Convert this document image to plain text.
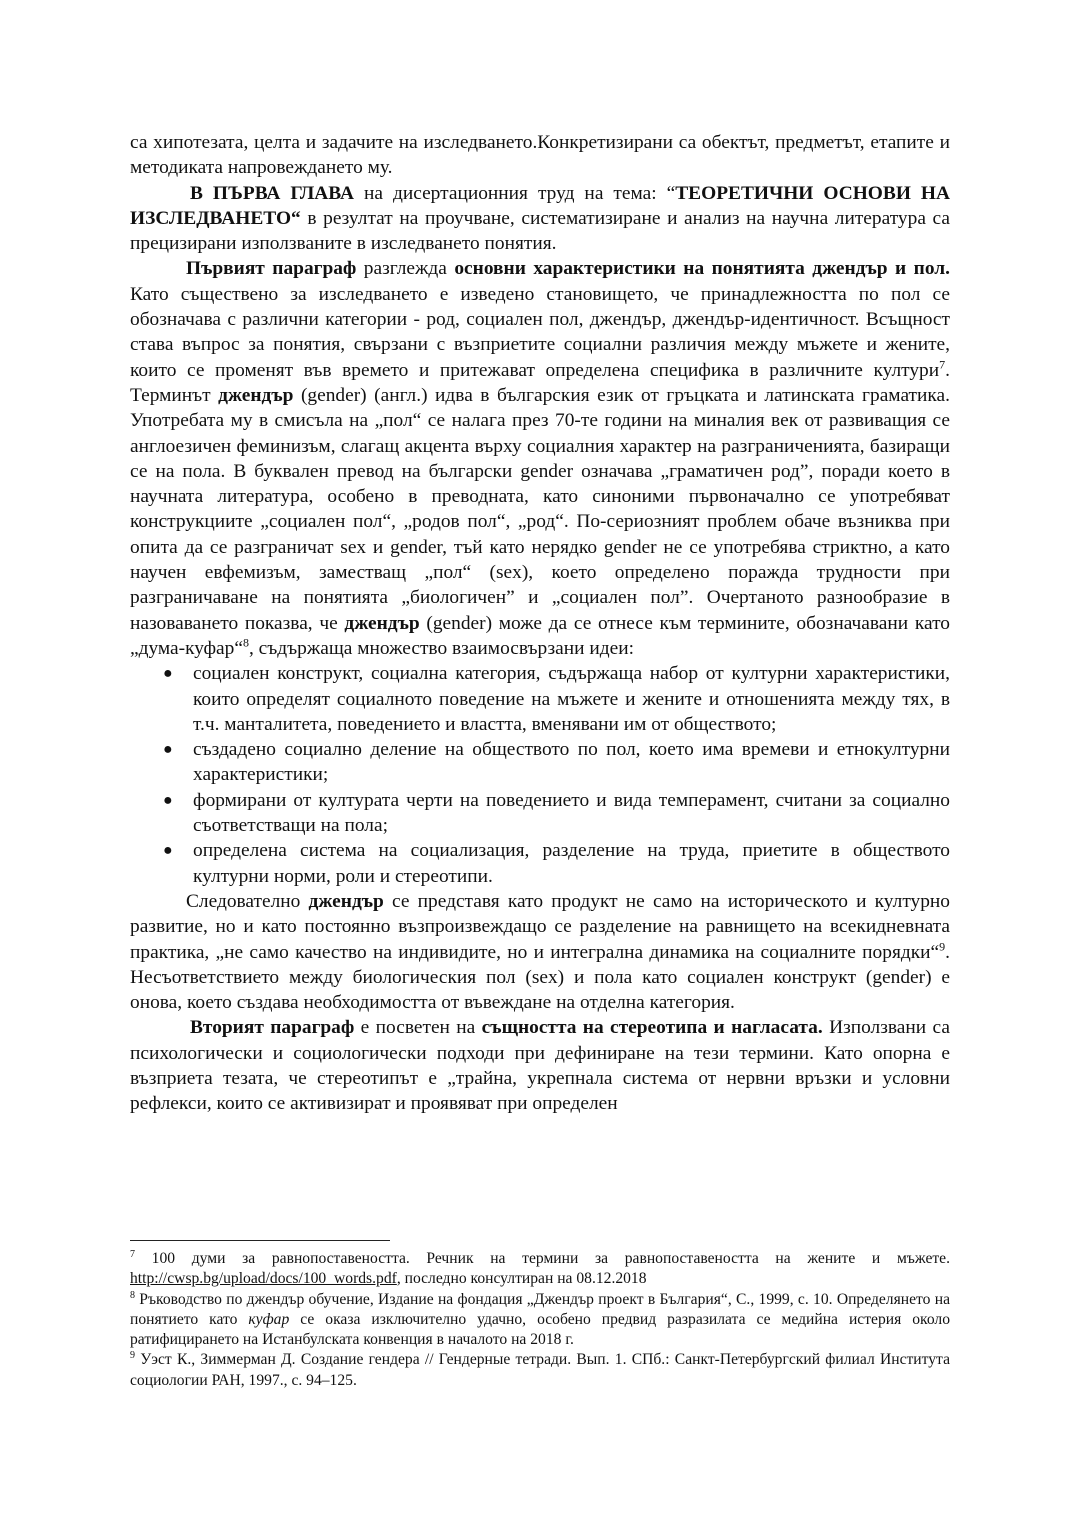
са хипотезата, целта и задачите на изследването.Конкретизирани са обектът, предметът, етапите и методиката напровеждането му.

В ПЪРВА ГЛАВА на дисертационния труд на тема: “ТЕОРЕТИЧНИ ОСНОВИ НА ИЗСЛЕДВАНЕТО“ в резултат на проучване, систематизиране и анализ на научна литература са прецизирани използваните в изследването понятия.

Първият параграф разглежда основни характеристики на понятията джендър и пол. Като съществено за изследването е изведено становището, че принадлежността по пол се обозначава с различни категории - род, социален пол, джендър, джендър-идентичност. Всъщност става въпрос за понятия, свързани с възприетите социални различия между мъжете и жените, които се променят във времето и притежават определена специфика в различните култури$^7$. Терминът джендър (gender) (англ.) идва в българския език от гръцката и латинската граматика. Употребата му в смисъла на „пол“ се налага през 70-те години на миналия век от развиващия се англоезичен феминизъм, слагащ акцента върху социалния характер на разграниченията, базиращи се на пола. В буквален превод на български gender означава „граматичен род”, поради което в научната литература, особено в преводната, като синоними първоначално се употребяват конструкциите „социален пол“, „родов пол“, „род“. По-сериозният проблем обаче възниква при опита да се разграничат sex и gender, тъй като нерядко gender не се употребява стриктно, а като научен евфемизъм, заместващ „пол“ (sex), което определено поражда трудности при разграничаване на понятията „биологичен” и „социален пол”. Очертаното разнообразие в назоваването показва, че джендър (gender) може да се отнесе към термините, обозначавани като „дума-куфар“$^8$, съдържаща множество взаимосвързани идеи:

● социален конструкт, социална категория, съдържаща набор от културни характеристики, които определят социалното поведение на мъжете и жените и отношенията между тях, в т.ч. манталитета, поведението и властта, вменявани им от обществото;
● създадено социално деление на обществото по пол, което има времеви и етнокултурни характеристики;
● формирани от културата черти на поведението и вида темперамент, считани за социално съответстващи на пола;
● определена система на социализация, разделение на труда, приетите в обществото културни норми, роли и стереотипи.

Следователно джендър се представя като продукт не само на историческото и културно развитие, но и като постоянно възпроизвеждащо се разделение на равнището на всекидневната практика, „не само качество на индивидите, но и интегрална динамика на социалните порядки“$^9$. Несъответствието между биологическия пол (sex) и пола като социален конструкт (gender) е онова, което създава необходимостта от въвеждане на отделна категория.

Вторият параграф е посветен на същността на стереотипа и нагласата. Използвани са психологически и социологически подходи при дефиниране на тези термини. Като опорна е възприета тезата, че стереотипът е „трайна, укрепнала система от нервни връзки и условни рефлекси, които се активизират и проявяват при определен

$^7$ 100 думи за равнопоставеността. Речник на термини за равнопоставеността на жените и мъжете. http://cwsp.bg/upload/docs/100_words.pdf, последно консултиран на 08.12.2018

$^8$ Ръководство по джендър обучение, Издание на фондация „Джендър проект в България“, С., 1999, с. 10. Определянето на понятието като куфар се оказа изключително удачно, особено предвид разразилата се медийна истерия около ратифицирането на Истанбулската конвенция в началото на 2018 г.

$^9$ Уэст К., Зиммерман Д. Создание гендера // Гендерные тетради. Вып. 1. СПб.: Санкт-Петербургский филиал Института социологии РАН, 1997., с. 94–125.
